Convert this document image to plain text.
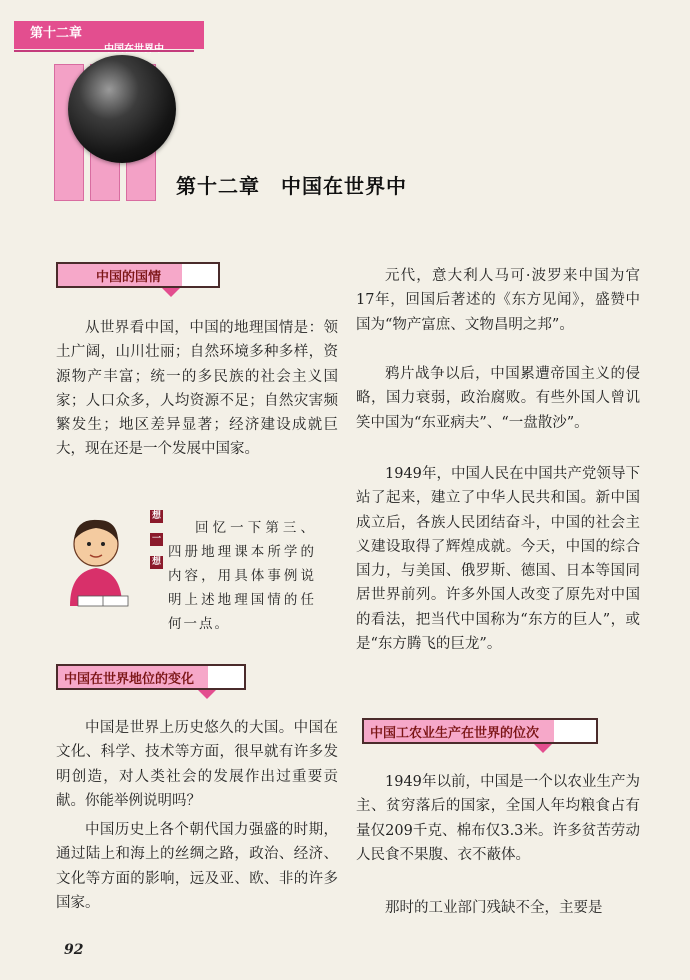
第十二章
第十二章　中国在世界中
中国的国情

从世界看中国，中国的地理国情是：领土广阔，山川壮丽；自然环境多种多样，资源物产丰富；统一的多民族的社会主义国家；人口众多，人均资源不足；自然灾害频繁发生；地区差异显著；经济建设成就巨大，现在还是一个发展中国家。

想
一
想

回忆一下第三、四册地理课本所学的内容，用具体事例说明上述地理国情的任何一点。

中国在世界地位的变化

中国是世界上历史悠久的大国。中国在文化、科学、技术等方面，很早就有许多发明创造，对人类社会的发展作出过重要贡献。你能举例说明吗？

中国历史上各个朝代国力强盛的时期，通过陆上和海上的丝绸之路，政治、经济、文化等方面的影响，远及亚、欧、非的许多国家。

元代，意大利人马可·波罗来中国为官17年，回国后著述的《东方见闻》，盛赞中国为“物产富庶、文物昌明之邦”。

鸦片战争以后，中国累遭帝国主义的侵略，国力衰弱，政治腐败。有些外国人曾讥笑中国为“东亚病夫”、“一盘散沙”。

1949年，中国人民在中国共产党领导下站了起来，建立了中华人民共和国。新中国成立后，各族人民团结奋斗，中国的社会主义建设取得了辉煌成就。今天，中国的综合国力，与美国、俄罗斯、德国、日本等国同居世界前列。许多外国人改变了原先对中国的看法，把当代中国称为“东方的巨人”，或是“东方腾飞的巨龙”。

中国工农业生产在世界的位次

1949年以前，中国是一个以农业生产为主、贫穷落后的国家，全国人年均粮食占有量仅209千克、棉布仅3.3米。许多贫苦劳动人民食不果腹、衣不蔽体。

那时的工业部门残缺不全，主要是

92
